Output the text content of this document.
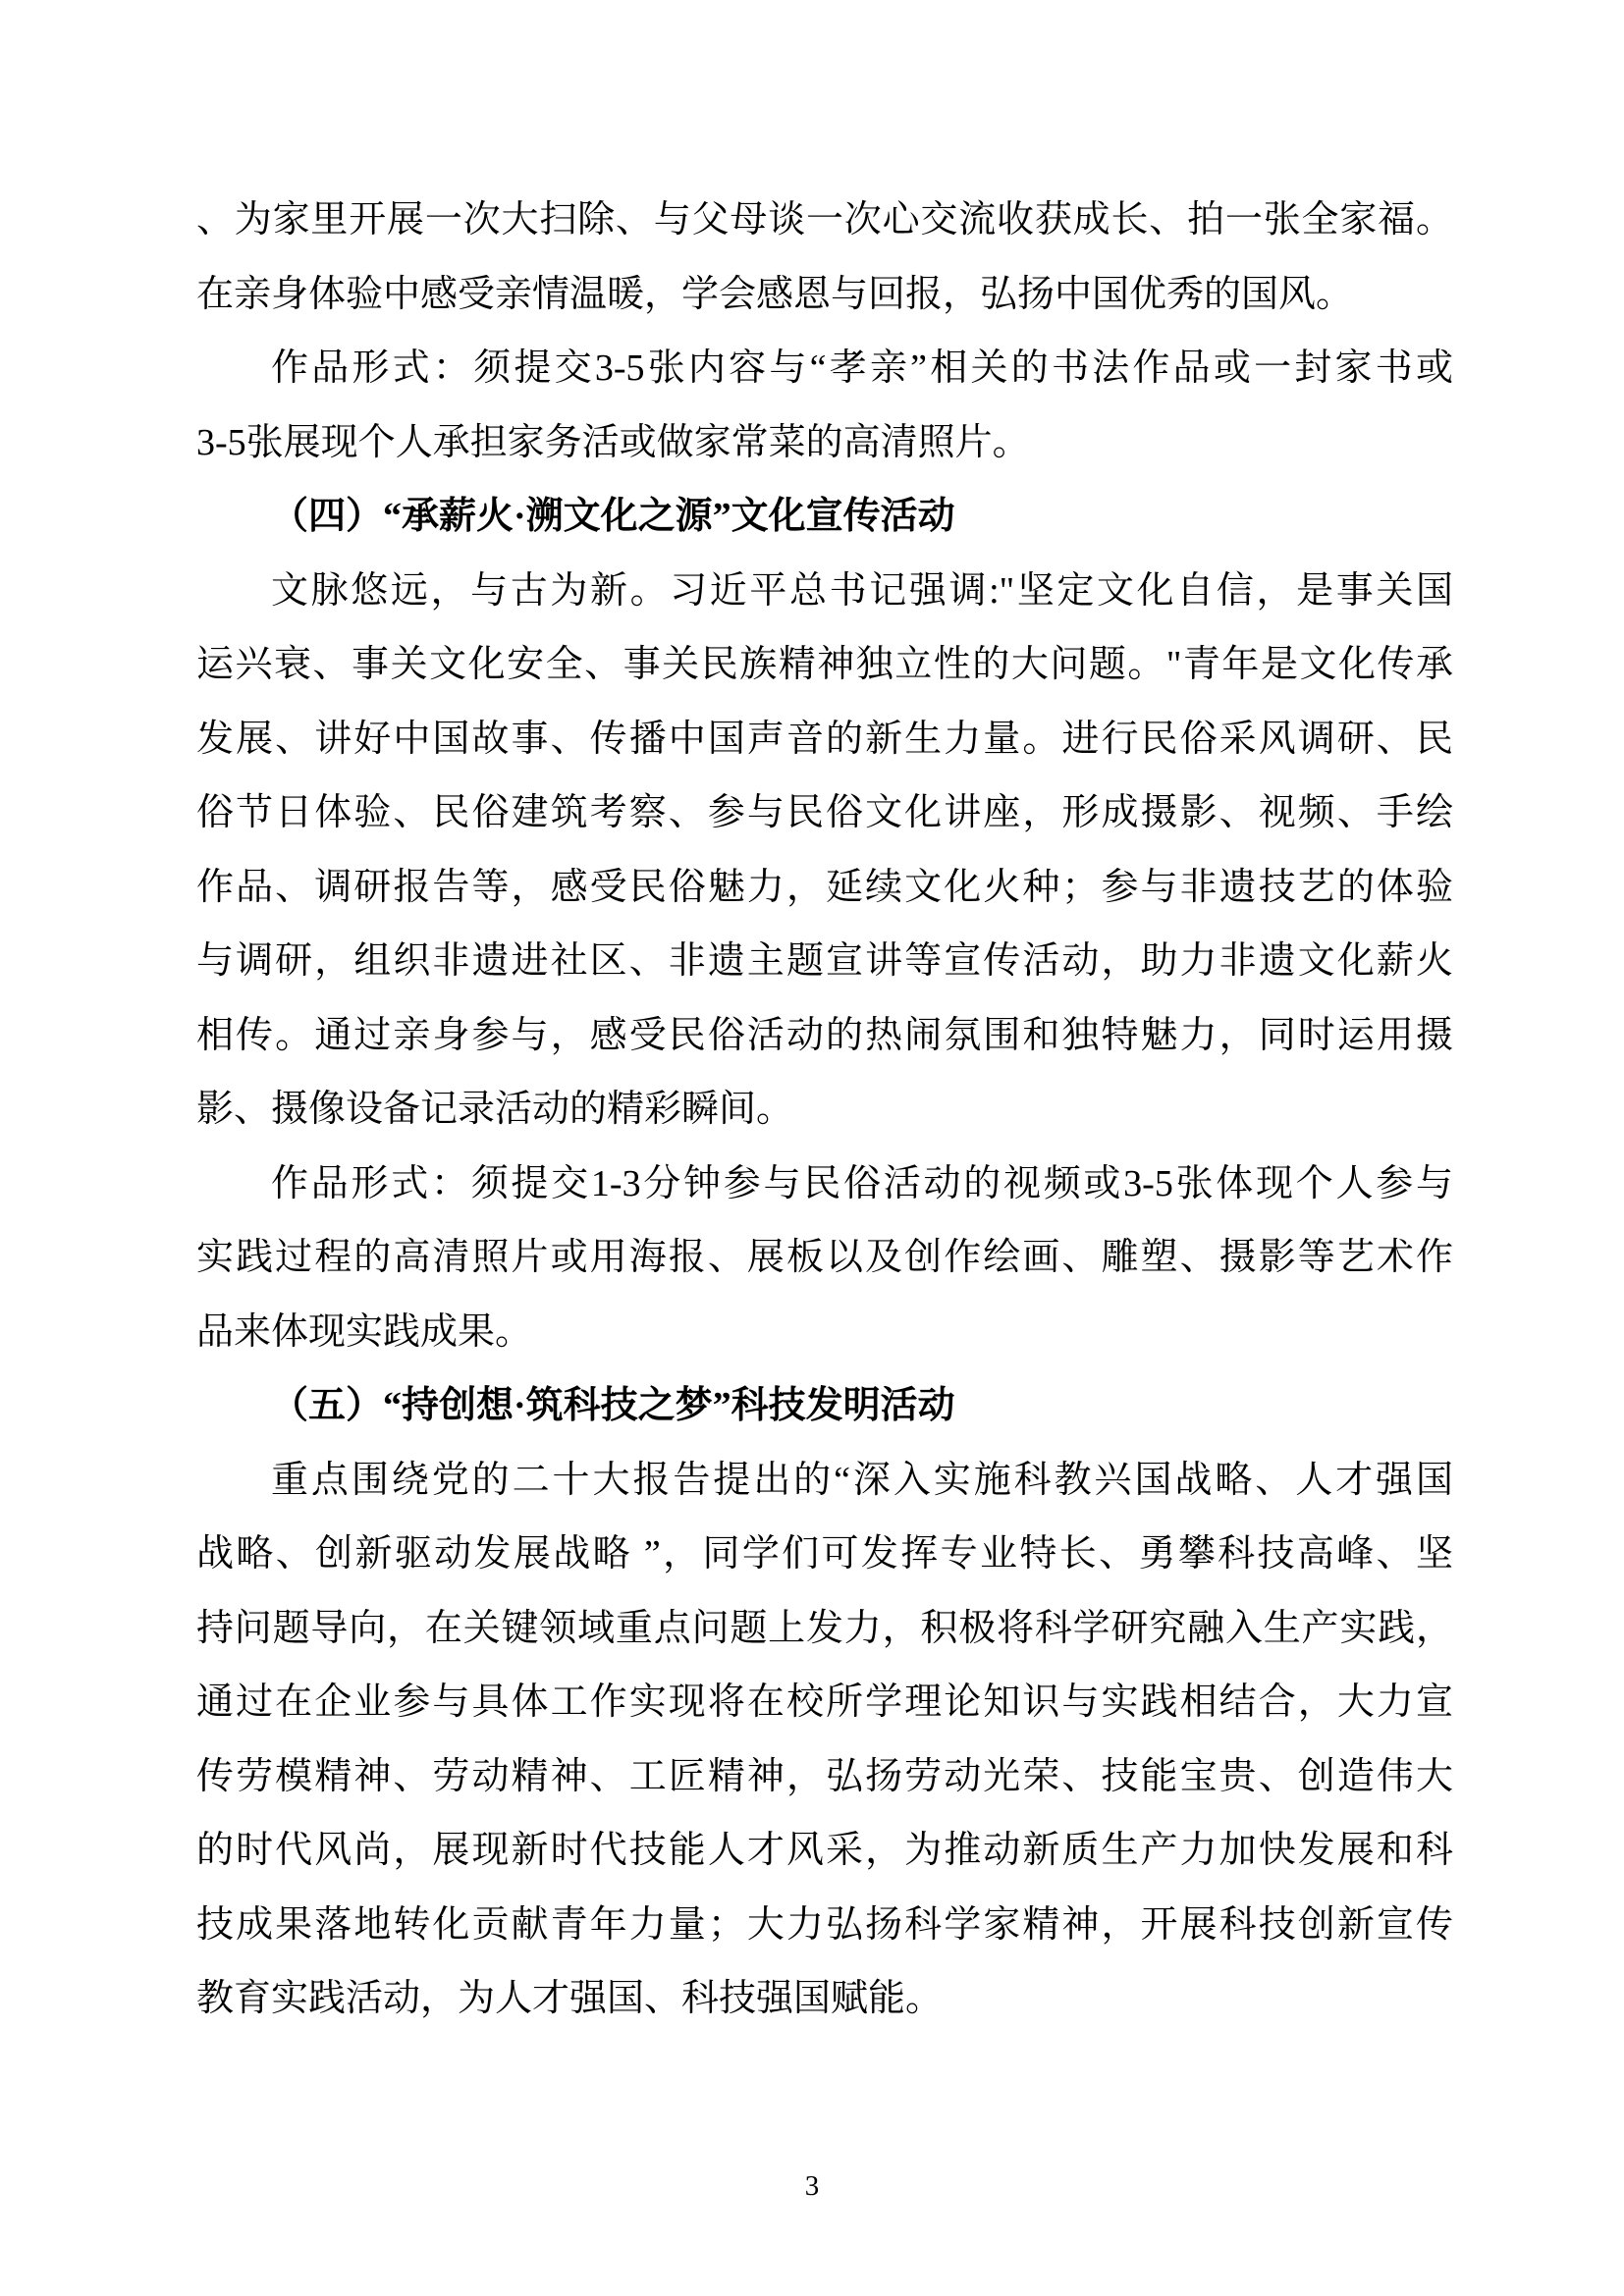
、为家里开展一次大扫除、与父母谈一次心交流收获成长、拍一张全家福。
在亲身体验中感受亲情温暖，学会感恩与回报，弘扬中国优秀的国风。
作品形式：须提交3-5张内容与“孝亲”相关的书法作品或一封家书或
3-5张展现个人承担家务活或做家常菜的高清照片。
（四）“承薪火·溯文化之源”文化宣传活动
文脉悠远，与古为新。习近平总书记强调:"坚定文化自信，是事关国
运兴衰、事关文化安全、事关民族精神独立性的大问题。"青年是文化传承
发展、讲好中国故事、传播中国声音的新生力量。进行民俗采风调研、民
俗节日体验、民俗建筑考察、参与民俗文化讲座，形成摄影、视频、手绘
作品、调研报告等，感受民俗魅力，延续文化火种；参与非遗技艺的体验
与调研，组织非遗进社区、非遗主题宣讲等宣传活动，助力非遗文化薪火
相传。通过亲身参与，感受民俗活动的热闹氛围和独特魅力，同时运用摄
影、摄像设备记录活动的精彩瞬间。
作品形式：须提交1-3分钟参与民俗活动的视频或3-5张体现个人参与
实践过程的高清照片或用海报、展板以及创作绘画、雕塑、摄影等艺术作
品来体现实践成果。
（五）“持创想·筑科技之梦”科技发明活动
重点围绕党的二十大报告提出的“深入实施科教兴国战略、人才强国
战略、创新驱动发展战略 ”，同学们可发挥专业特长、勇攀科技高峰、坚
持问题导向，在关键领域重点问题上发力，积极将科学研究融入生产实践，
通过在企业参与具体工作实现将在校所学理论知识与实践相结合，大力宣
传劳模精神、劳动精神、工匠精神，弘扬劳动光荣、技能宝贵、创造伟大
的时代风尚，展现新时代技能人才风采，为推动新质生产力加快发展和科
技成果落地转化贡献青年力量；大力弘扬科学家精神，开展科技创新宣传
教育实践活动，为人才强国、科技强国赋能。
3
